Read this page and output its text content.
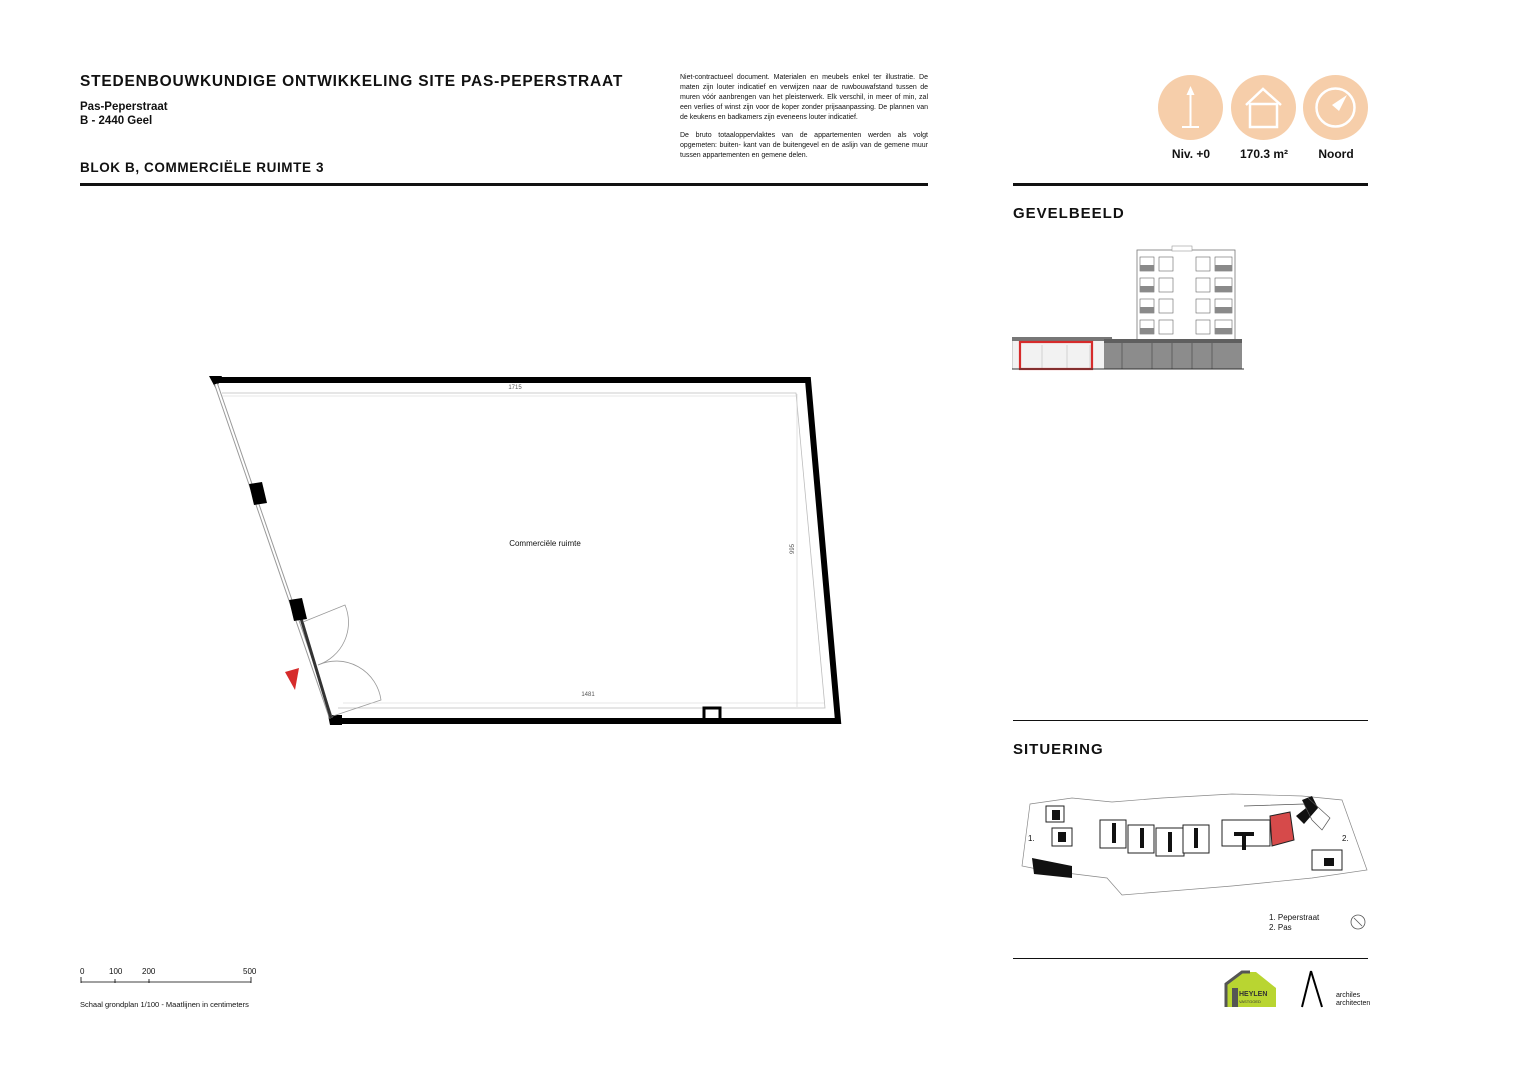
STEDENBOUWKUNDIGE ONTWIKKELING SITE PAS-PEPERSTRAAT
Pas-Peperstraat
B - 2440 Geel
BLOK B, COMMERCIËLE RUIMTE 3

Niet-contractueel document. Materialen en meubels enkel ter illustratie. De maten zijn louter indicatief en verwijzen naar de ruwbouwafstand tussen de muren vóór aanbrengen van het pleisterwerk. Elk verschil, in meer of min, zal een verlies of winst zijn voor de koper zonder prijsaanpassing. De plannen van de keukens en badkamers zijn eveneens louter indicatief.

De bruto totaaloppervlaktes van de appartementen werden als volgt opgemeten: buiten- kant van de buitengevel en de aslijn van de gemene muur tussen appartementen en gemene delen.	Niv. +0	170.3 m²	Noord
1715
1481
995
Commerciële ruimte
GEVELBEELD
SITUERING
1.	2.
1. Peperstraat
2. Pas
HEYLEN
VASTGOED
archiles
architecten
0	100 200	500
Schaal grondplan 1/100 - Maatlijnen in centimeters
